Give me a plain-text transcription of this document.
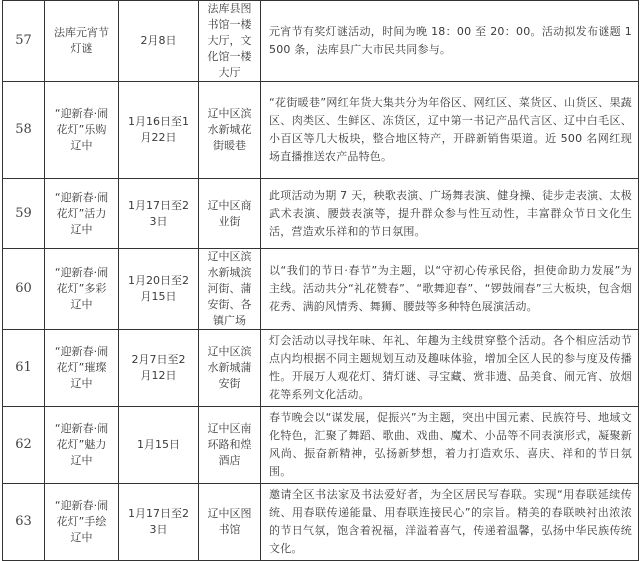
57	法库元宵节灯谜	2月8日	法库县图书馆一楼大厅，文化馆一楼大厅	元宵节有奖灯谜活动，时间为晚 18：00 至 20：00。活动拟发布谜题 1500 条，法库县广大市民共同参与。
58	“迎新春·闹花灯”乐购辽中	1月16日至1月22日	辽中区滨水新城花街暖巷	“花街暖巷”网红年货大集共分为年俗区、网红区、菜货区、山货区、果蔬区、肉类区、生鲜区、冻货区，辽中第一书记产品代言区、辽中白毛区、小百区等几大板块，整合地区特产，开辟新销售渠道。近 500 名网红现场直播推送农产品特色。
59	“迎新春·闹花灯”活力辽中	1月17日至23日	辽中区商业街	此项活动为期 7 天，秧歌表演、广场舞表演、健身操、徒步走表演、太极武术表演、腰鼓表演等，提升群众参与性互动性，丰富群众节日文化生活，营造欢乐祥和的节日氛围。
60	“迎新春·闹花灯”多彩辽中	1月20日至2月15日	辽中区滨水新城滨河街、蒲安街、各镇广场	以“我们的节日·春节”为主题，以“守初心传承民俗，担使命助力发展”为主线。活动共分“礼花赞春”、“歌舞迎春”、“锣鼓闹春”三大板块，包含烟花秀、满韵风情秀、舞狮、腰鼓等多种特色展演活动。
61	“迎新春·闹花灯”璀璨辽中	2月7日至2月12日	辽中区滨水新城蒲安街	灯会活动以寻找年味、年礼、年趣为主线贯穿整个活动。各个相应活动节点内均根据不同主题规划互动及趣味体验，增加全区人民的参与度及传播性。开展万人观花灯、猜灯谜、寻宝藏、赏非遗、品美食、闹元宵、放烟花等系列文化活动。
62	“迎新春·闹花灯”魅力辽中	1月15日	辽中区南环路和煌酒店	春节晚会以“谋发展，促振兴”为主题，突出中国元素、民族符号、地域文化特色，汇聚了舞蹈、歌曲、戏曲、魔术、小品等不同表演形式，凝聚新风尚、振奋新精神，弘扬新梦想，着力打造欢乐、喜庆、祥和的节日氛围。
63	“迎新春·闹花灯”手绘辽中	1月17日至23日	辽中区图书馆	邀请全区书法家及书法爱好者，为全区居民写春联。实现“用春联延续传统、用春联传递能量、用春联连接民心”的宗旨。精美的春联映衬出浓浓的节日气氛，饱含着祝福，洋溢着喜气，传递着温馨，弘扬中华民族传统文化。
